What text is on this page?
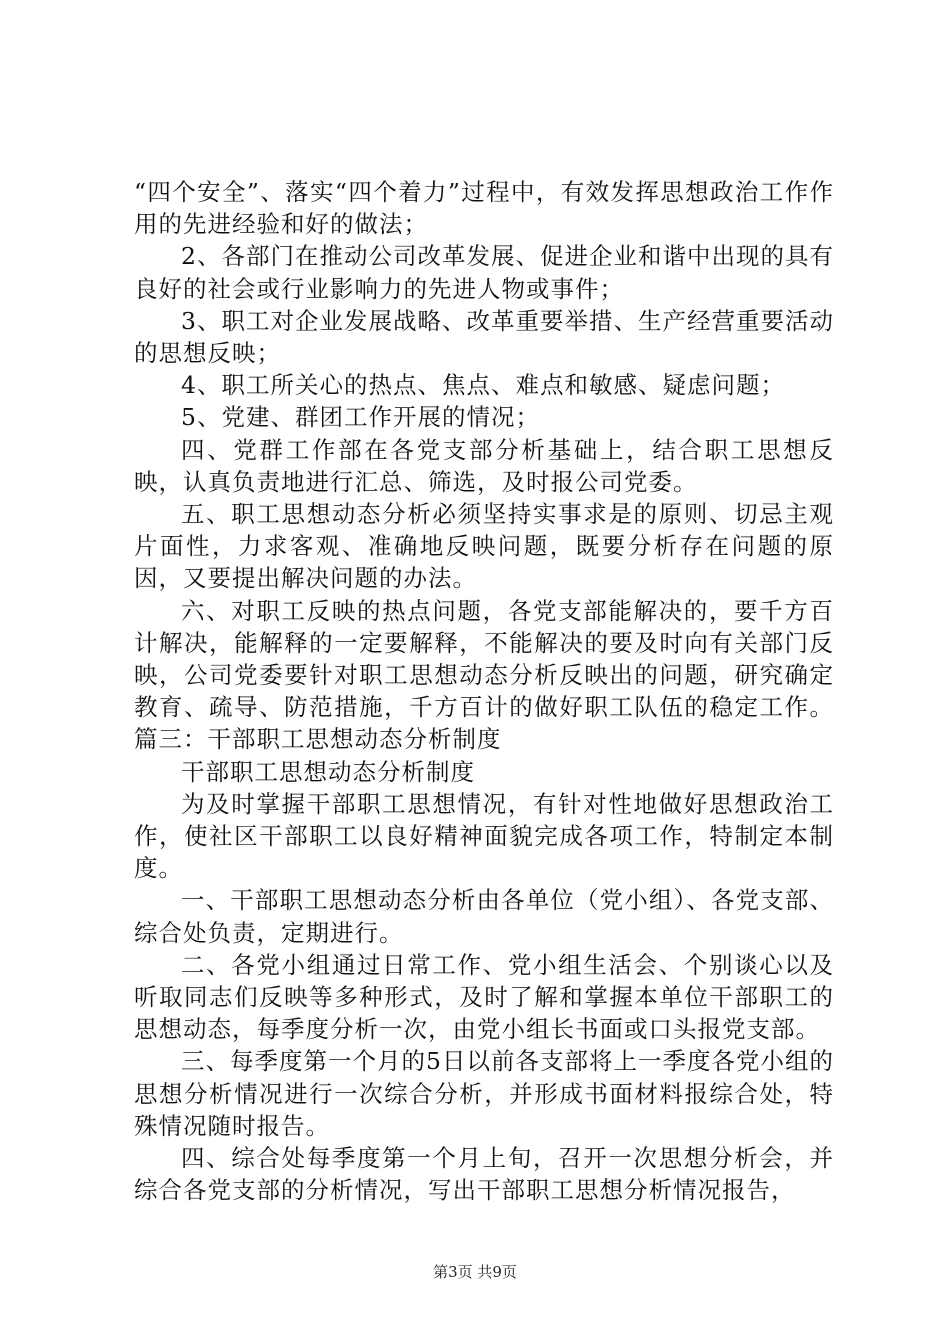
“四个安全”、落实“四个着力”过程中，有效发挥思想政治工作作用的先进经验和好的做法；

2、各部门在推动公司改革发展、促进企业和谐中出现的具有良好的社会或行业影响力的先进人物或事件；

3、职工对企业发展战略、改革重要举措、生产经营重要活动的思想反映；

4、职工所关心的热点、焦点、难点和敏感、疑虑问题；

5、党建、群团工作开展的情况；

四、党群工作部在各党支部分析基础上，结合职工思想反映，认真负责地进行汇总、筛选，及时报公司党委。

五、职工思想动态分析必须坚持实事求是的原则、切忌主观片面性，力求客观、准确地反映问题，既要分析存在问题的原因，又要提出解决问题的办法。

六、对职工反映的热点问题，各党支部能解决的，要千方百计解决，能解释的一定要解释，不能解决的要及时向有关部门反映，公司党委要针对职工思想动态分析反映出的问题，研究确定教育、疏导、防范措施，千方百计的做好职工队伍的稳定工作。篇三：干部职工思想动态分析制度

干部职工思想动态分析制度

为及时掌握干部职工思想情况，有针对性地做好思想政治工作，使社区干部职工以良好精神面貌完成各项工作，特制定本制度。

一、干部职工思想动态分析由各单位（党小组）、各党支部、综合处负责，定期进行。

二、各党小组通过日常工作、党小组生活会、个别谈心以及听取同志们反映等多种形式，及时了解和掌握本单位干部职工的思想动态，每季度分析一次，由党小组长书面或口头报党支部。

三、每季度第一个月的5日以前各支部将上一季度各党小组的思想分析情况进行一次综合分析，并形成书面材料报综合处，特殊情况随时报告。

四、综合处每季度第一个月上旬，召开一次思想分析会，并综合各党支部的分析情况，写出干部职工思想分析情况报告，

第3页 共9页
